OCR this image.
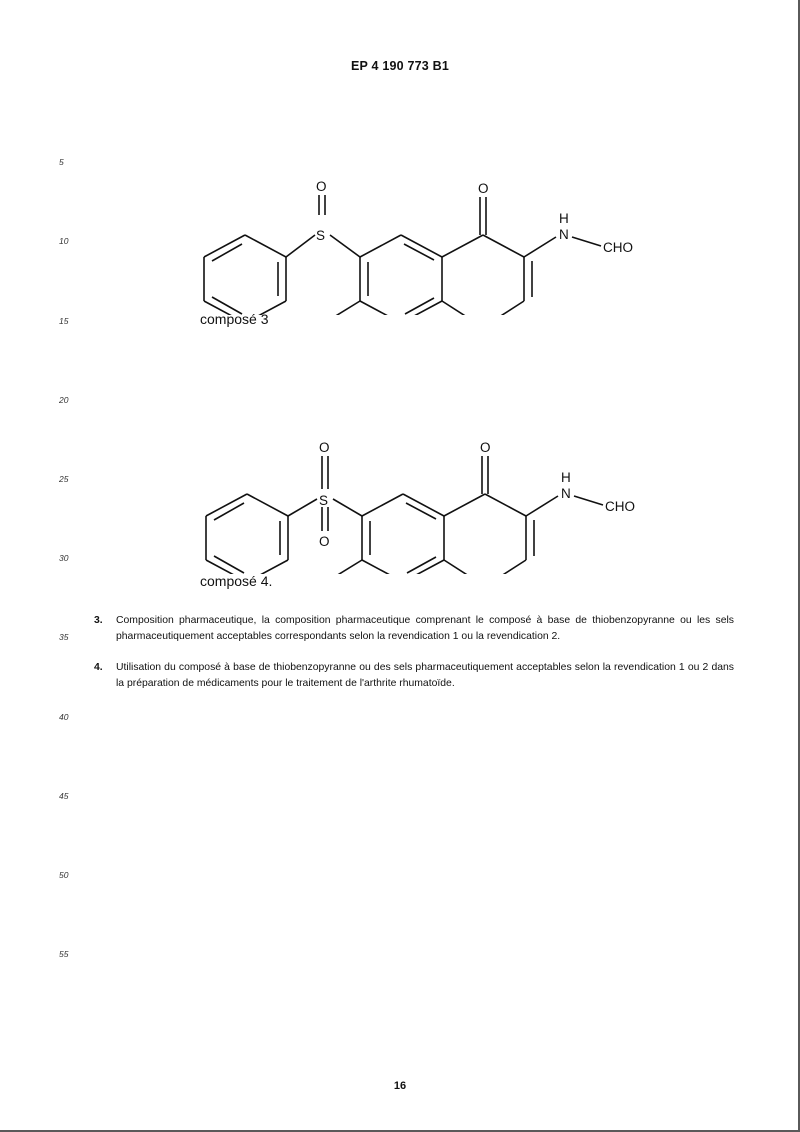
EP 4 190 773 B1
5
10
15
20
25
30
35
40
45
50
55
S
O	O
H
N
CHO
composé 3
S
O
O
O
H
N
CHO
composé 4.
3. Composition pharmaceutique, la composition pharmaceutique comprenant le composé à base de thiobenzopyranne ou les sels pharmaceutiquement acceptables correspondants selon la revendication 1 ou la revendication 2.
4. Utilisation du composé à base de thiobenzopyranne ou des sels pharmaceutiquement acceptables selon la revendication 1 ou 2 dans la préparation de médicaments pour le traitement de l'arthrite rhumatoïde.
16
